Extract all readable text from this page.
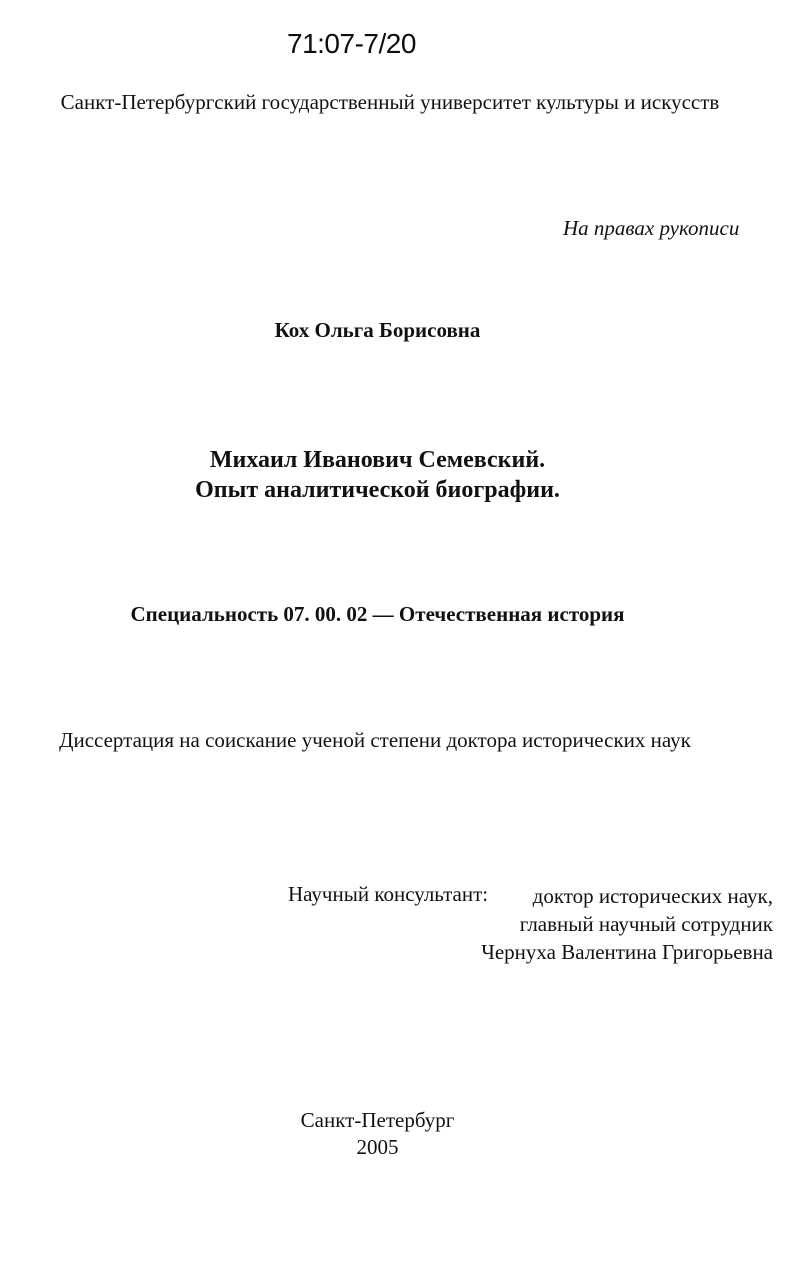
71:07-7/20
Санкт-Петербургский государственный университет культуры и искусств
На правах рукописи
Кох Ольга Борисовна
Михаил Иванович Семевский.
Опыт аналитической биографии.
Специальность 07. 00. 02 — Отечественная история
Диссертация на соискание ученой степени доктора исторических наук
Научный консультант:	доктор исторических наук,
главный научный сотрудник
Чернуха Валентина Григорьевна
Санкт-Петербург
2005
